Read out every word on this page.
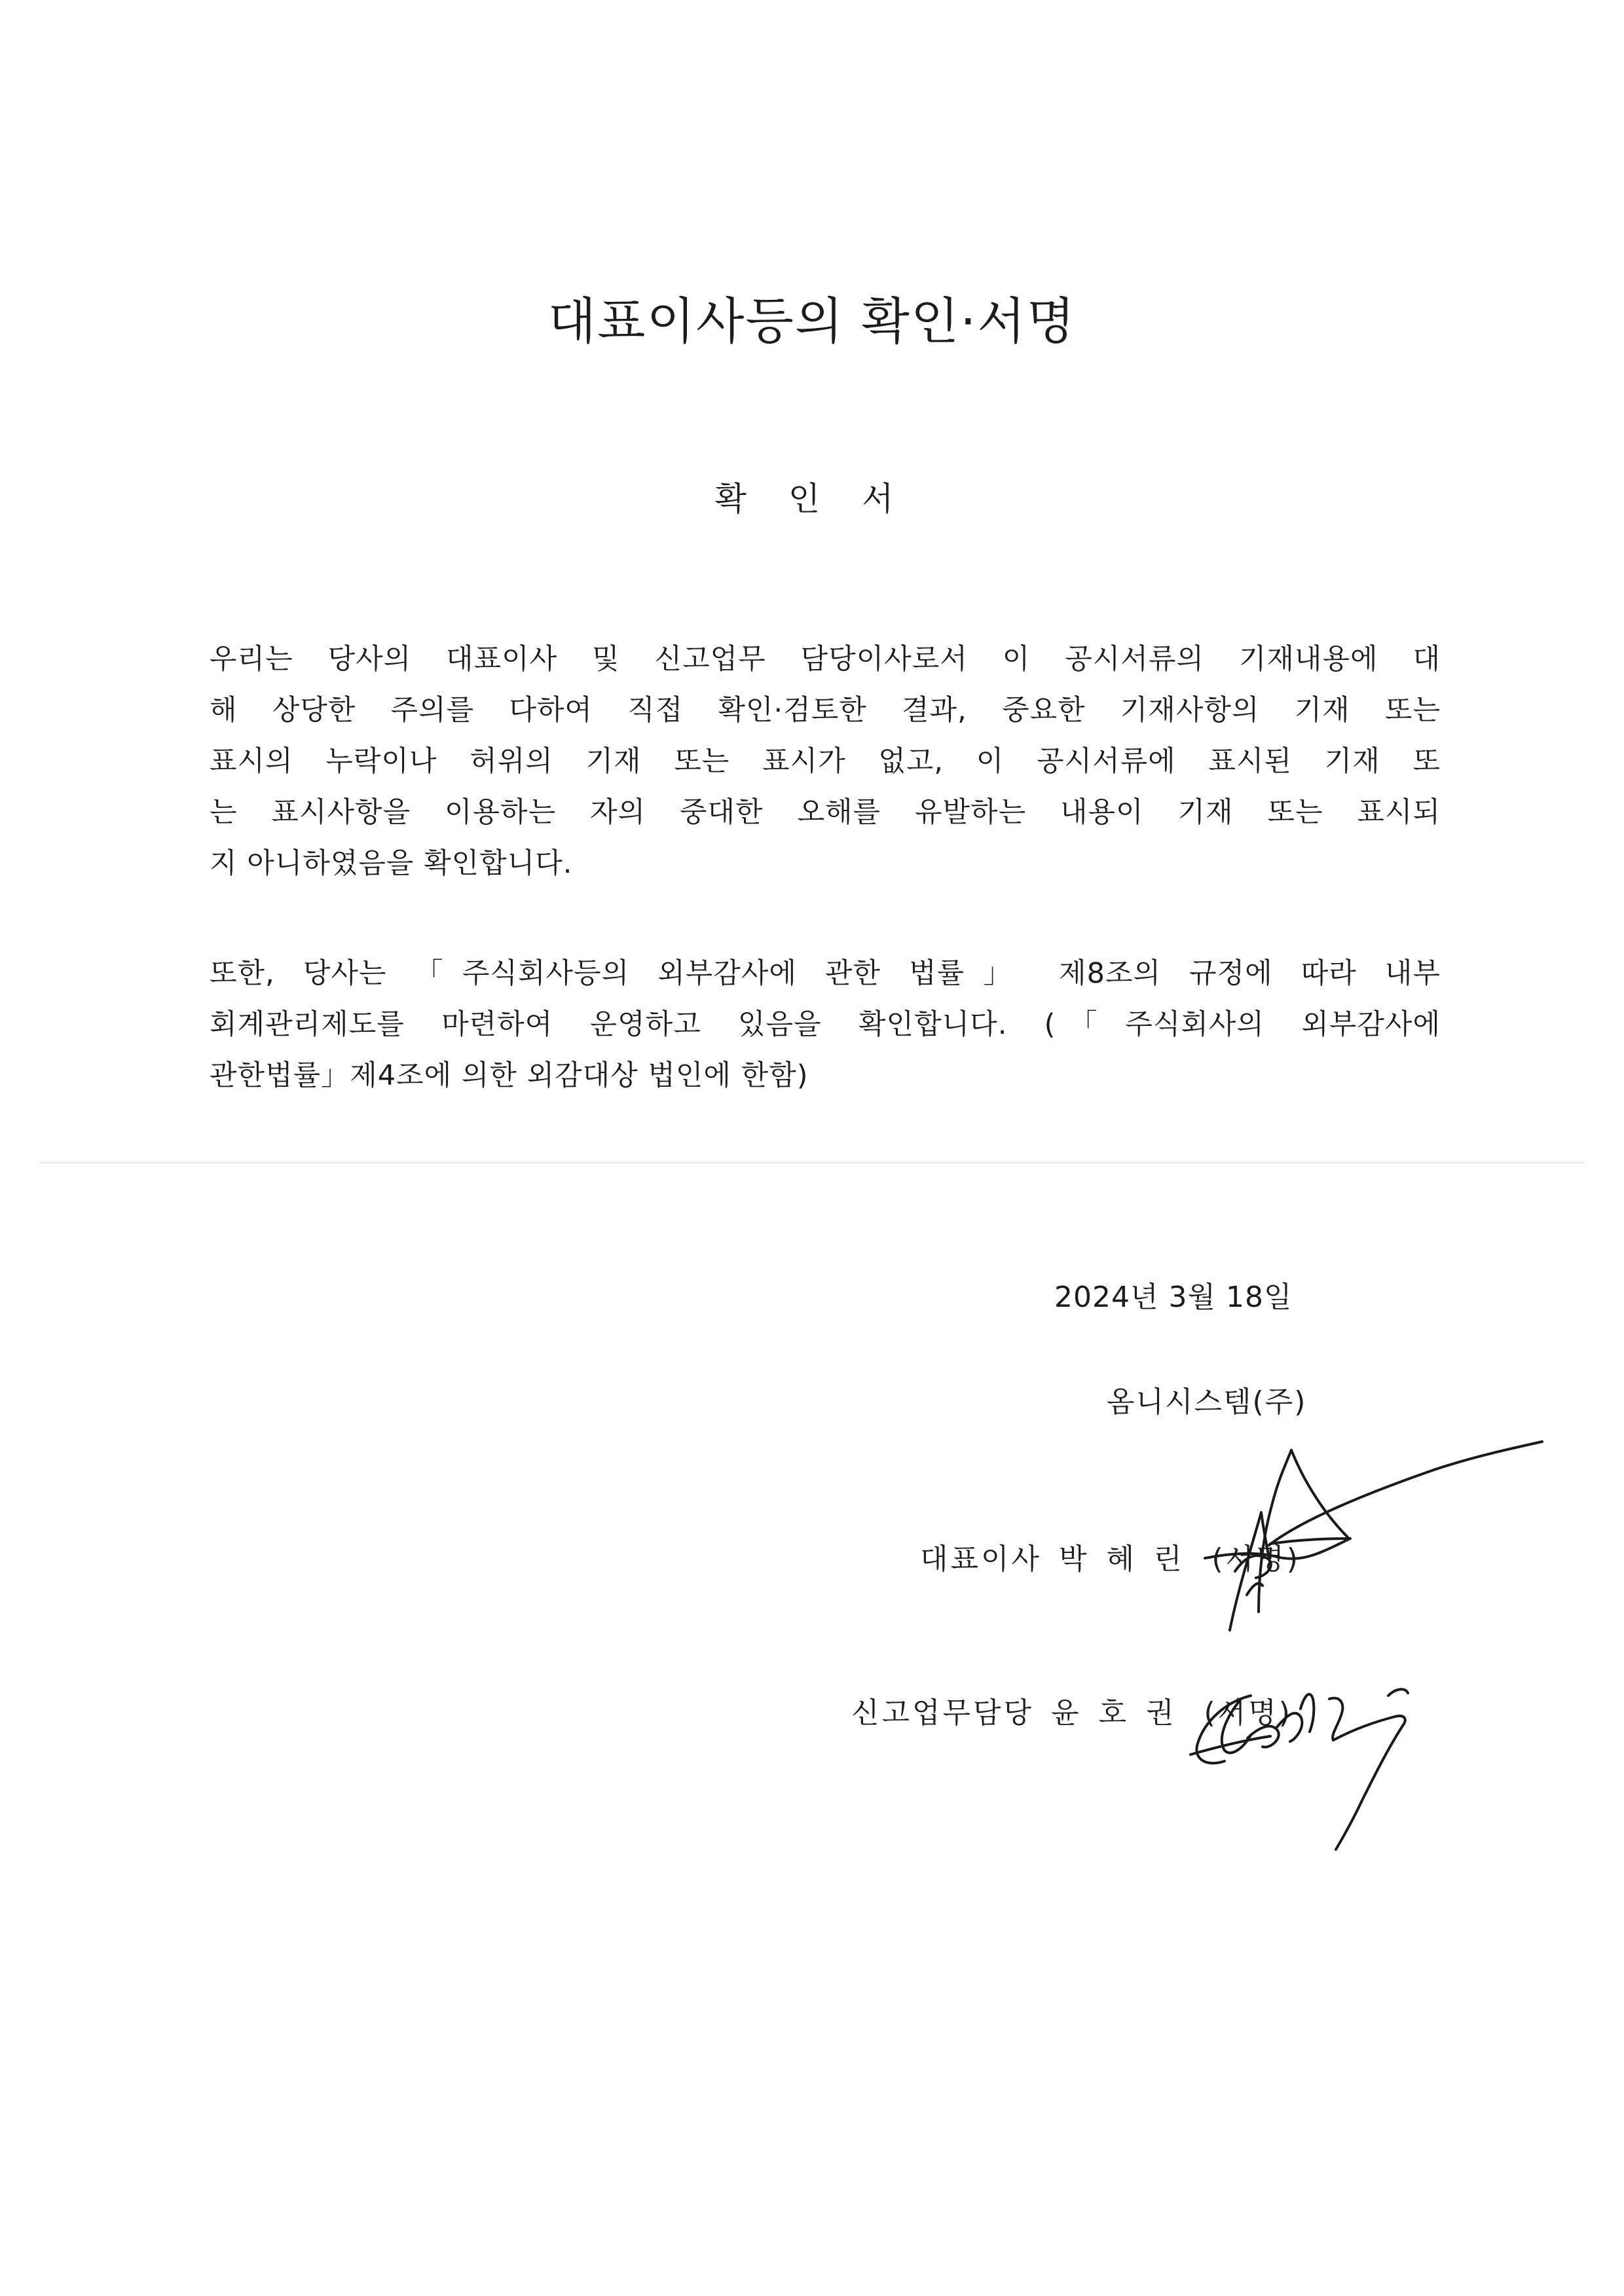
대표이사등의 확인·서명
확 인 서
우리는 당사의 대표이사 및 신고업무 담당이사로서 이 공시서류의 기재내용에 대
해 상당한 주의를 다하여 직접 확인·검토한 결과, 중요한 기재사항의 기재 또는
표시의 누락이나 허위의 기재 또는 표시가 없고, 이 공시서류에 표시된 기재 또
는 표시사항을 이용하는 자의 중대한 오해를 유발하는 내용이 기재 또는 표시되
지 아니하였음을 확인합니다.
또한, 당사는 「주식회사등의 외부감사에 관한 법률」 제8조의 규정에 따라 내부
회계관리제도를 마련하여 운영하고 있음을 확인합니다. (「주식회사의 외부감사에
관한법률」제4조에 의한 외감대상 법인에 한함)
2024년 3월 18일
옴니시스템(주)
대표이사 박혜린 (서명)
신고업무담당 윤호권 (서명)
